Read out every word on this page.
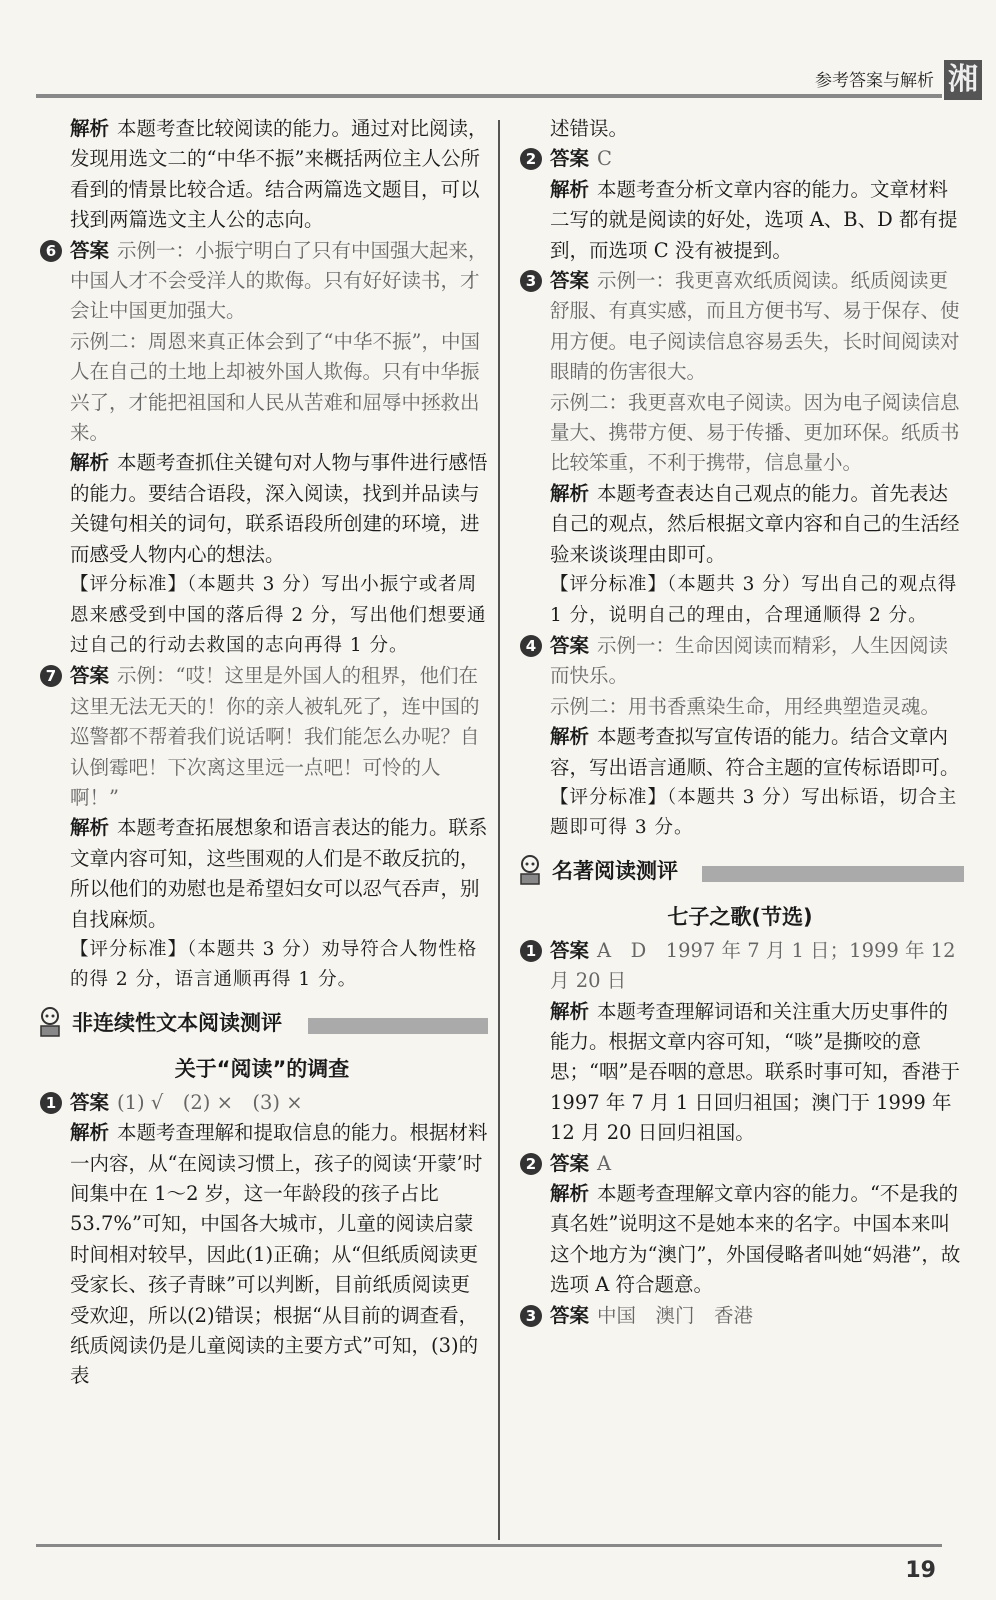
参考答案与解析 湘
解析 本题考查比较阅读的能力。通过对比阅读，发现用选文二的“中华不振”来概括两位主人公所看到的情景比较合适。结合两篇选文题目，可以找到两篇选文主人公的志向。
6 答案 示例一：小振宁明白了只有中国强大起来，中国人才不会受洋人的欺侮。只有好好读书，才会让中国更加强大。
示例二：周恩来真正体会到了“中华不振”，中国人在自己的土地上却被外国人欺侮。只有中华振兴了，才能把祖国和人民从苦难和屈辱中拯救出来。
解析 本题考查抓住关键句对人物与事件进行感悟的能力。要结合语段，深入阅读，找到并品读与关键句相关的词句，联系语段所创建的环境，进而感受人物内心的想法。
【评分标准】（本题共 3 分）写出小振宁或者周恩来感受到中国的落后得 2 分，写出他们想要通过自己的行动去救国的志向再得 1 分。
7 答案 示例：“哎！这里是外国人的租界，他们在这里无法无天的！你的亲人被轧死了，连中国的巡警都不帮着我们说话啊！我们能怎么办呢？自认倒霉吧！下次离这里远一点吧！可怜的人啊！”
解析 本题考查拓展想象和语言表达的能力。联系文章内容可知，这些围观的人们是不敢反抗的，所以他们的劝慰也是希望妇女可以忍气吞声，别自找麻烦。
【评分标准】（本题共 3 分）劝导符合人物性格的得 2 分，语言通顺再得 1 分。
非连续性文本阅读测评
关于“阅读”的调查
1 答案 (1) √　(2) ×　(3) ×
解析 本题考查理解和提取信息的能力。根据材料一内容，从“在阅读习惯上，孩子的阅读‘开蒙’时间集中在 1～2 岁，这一年龄段的孩子占比 53.7%”可知，中国各大城市，儿童的阅读启蒙时间相对较早，因此(1)正确；从“但纸质阅读更受家长、孩子青睐”可以判断，目前纸质阅读更受欢迎，所以(2)错误；根据“从目前的调查看，纸质阅读仍是儿童阅读的主要方式”可知，(3)的表
述错误。
2 答案 C
解析 本题考查分析文章内容的能力。文章材料二写的就是阅读的好处，选项 A、B、D 都有提到，而选项 C 没有被提到。
3 答案 示例一：我更喜欢纸质阅读。纸质阅读更舒服、有真实感，而且方便书写、易于保存、使用方便。电子阅读信息容易丢失，长时间阅读对眼睛的伤害很大。
示例二：我更喜欢电子阅读。因为电子阅读信息量大、携带方便、易于传播、更加环保。纸质书比较笨重，不利于携带，信息量小。
解析 本题考查表达自己观点的能力。首先表达自己的观点，然后根据文章内容和自己的生活经验来谈谈理由即可。
【评分标准】（本题共 3 分）写出自己的观点得 1 分，说明自己的理由，合理通顺得 2 分。
4 答案 示例一：生命因阅读而精彩，人生因阅读而快乐。
示例二：用书香熏染生命，用经典塑造灵魂。
解析 本题考查拟写宣传语的能力。结合文章内容，写出语言通顺、符合主题的宣传标语即可。
【评分标准】（本题共 3 分）写出标语，切合主题即可得 3 分。
名著阅读测评
七子之歌(节选)
1 答案 A　D　1997 年 7 月 1 日；1999 年 12 月 20 日
解析 本题考查理解词语和关注重大历史事件的能力。根据文章内容可知，“啖”是撕咬的意思；“咽”是吞咽的意思。联系时事可知，香港于 1997 年 7 月 1 日回归祖国；澳门于 1999 年 12 月 20 日回归祖国。
2 答案 A
解析 本题考查理解文章内容的能力。“不是我的真名姓”说明这不是她本来的名字。中国本来叫这个地方为“澳门”，外国侵略者叫她“妈港”，故选项 A 符合题意。
3 答案 中国　澳门　香港
19
